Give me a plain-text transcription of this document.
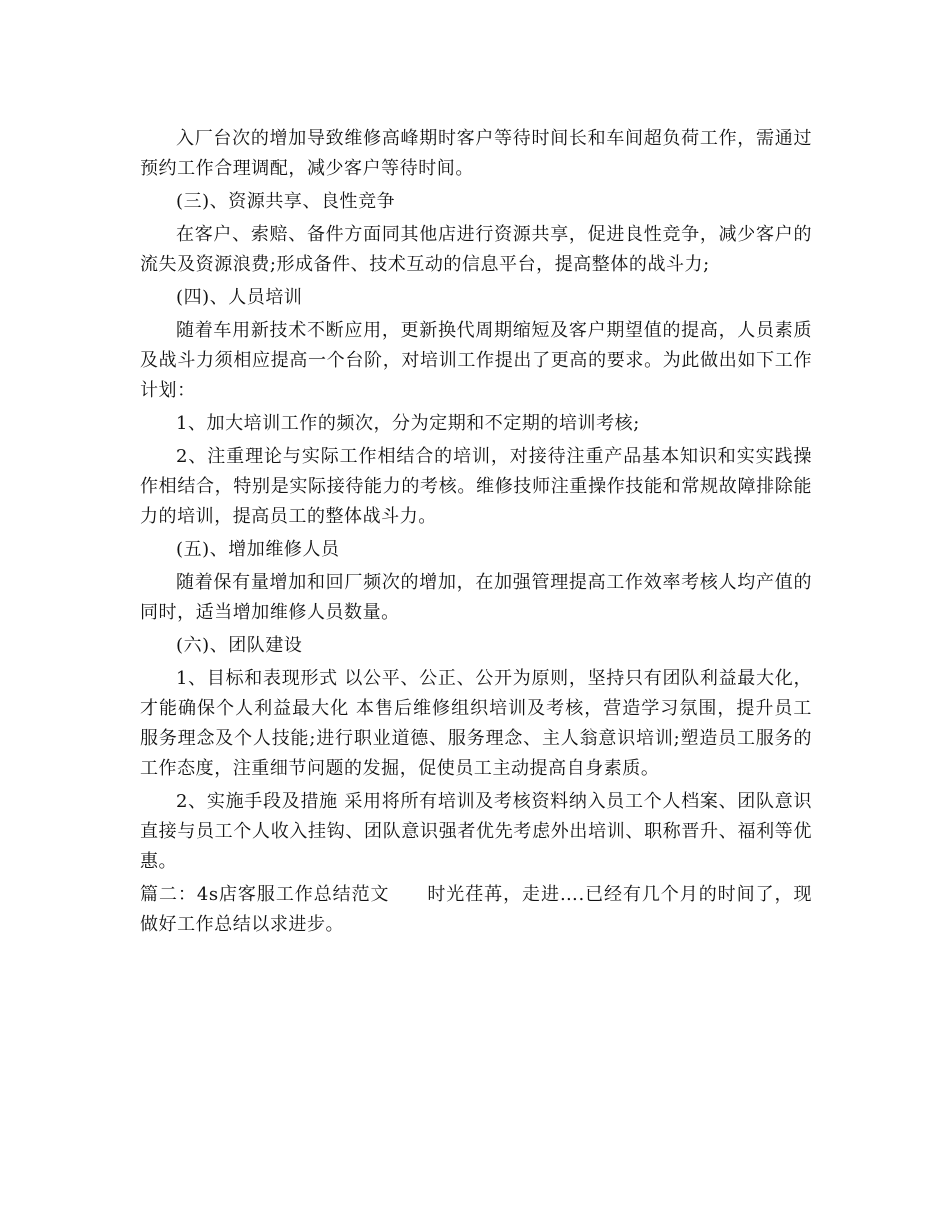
入厂台次的增加导致维修高峰期时客户等待时间长和车间超负荷工作，需通过预约工作合理调配，减少客户等待时间。

(三)、资源共享、良性竞争

在客户、索赔、备件方面同其他店进行资源共享，促进良性竞争，减少客户的流失及资源浪费;形成备件、技术互动的信息平台，提高整体的战斗力;

(四)、人员培训

随着车用新技术不断应用，更新换代周期缩短及客户期望值的提高，人员素质及战斗力须相应提高一个台阶，对培训工作提出了更高的要求。为此做出如下工作计划：

1、加大培训工作的频次，分为定期和不定期的培训考核;

2、注重理论与实际工作相结合的培训，对接待注重产品基本知识和实实践操作相结合，特别是实际接待能力的考核。维修技师注重操作技能和常规故障排除能力的培训，提高员工的整体战斗力。

(五)、增加维修人员

随着保有量增加和回厂频次的增加，在加强管理提高工作效率考核人均产值的同时，适当增加维修人员数量。

(六)、团队建设

1、目标和表现形式 以公平、公正、公开为原则，坚持只有团队利益最大化，才能确保个人利益最大化 本售后维修组织培训及考核，营造学习氛围，提升员工服务理念及个人技能;进行职业道德、服务理念、主人翁意识培训;塑造员工服务的工作态度，注重细节问题的发掘，促使员工主动提高自身素质。

2、实施手段及措施 采用将所有培训及考核资料纳入员工个人档案、团队意识直接与员工个人收入挂钩、团队意识强者优先考虑外出培训、职称晋升、福利等优惠。

篇二：4s店客服工作总结范文　　时光荏苒，走进….已经有几个月的时间了，现做好工作总结以求进步。
